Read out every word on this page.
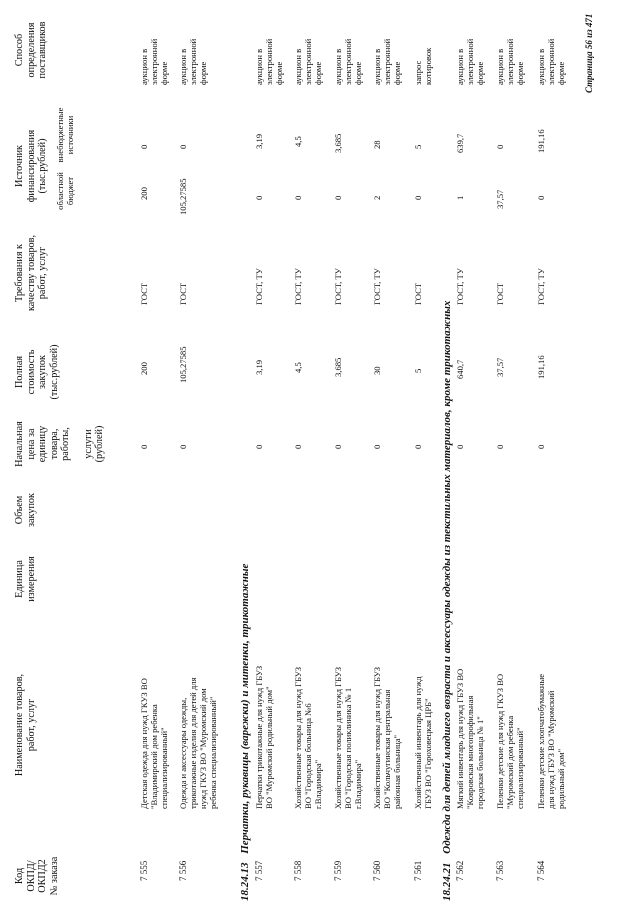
Код ОКПД/ ОКПД2 № заказа
Наименование товаров, работ, услуг
Единица измерения
Объем закупок
Начальная цена за единицу товара, работы, услуги (рублей)
Полная стоимость закупок (тыс.рублей)
Требования к качеству товаров, работ, услуг
Источник финансирования (тыс.рублей) областной бюджет
внебюджетные источники
Способ определения поставщиков
7 555
Детская одежда для нужд ГКУЗ ВО "Владимирский дом ребенка специализированный"
0
200
ГОСТ
200
0
аукцион в электронной форме
7 556
Одежда и аксессуары одежды, трикотажные изделия для детей для нужд ГКУЗ ВО "Муромский дом ребенка специализированный"
0
105,27585
ГОСТ
105,27585
0
аукцион в электронной форме
18.24.13 Перчатки, рукавицы (варежки) и митенки, трикотажные
7 557
Перчатки трикотажные для нужд ГБУЗ ВО "Муромский родильный дом"
0
3,19
ГОСТ, ТУ
0
3,19
аукцион в электронной форме
7 558
Хозяйственные товары для нужд ГБУЗ ВО "Городская больница №6 г.Владимира"
0
4,5
ГОСТ, ТУ
0
4,5
аукцион в электронной форме
7 559
Хозяйственные товары для нужд ГБУЗ ВО "Городская поликлиника № 1 г.Владимира"
0
3,685
ГОСТ, ТУ
0
3,685
аукцион в электронной форме
7 560
Хозяйственные товары для нужд ГБУЗ ВО "Кольчугинская центральная районная больница"
0
30
ГОСТ, ТУ
2
28
аукцион в электронной форме
7 561
Хозяйственный инвентарь для нужд ГБУЗ ВО "Гороховецкая ЦРБ"
0
5
ГОСТ
0
5
запрос котировок
18.24.21 Одежда для детей младшего возраста и аксессуары одежды из текстильных материалов, кроме трикотажных
7 562
Мягкий инвентарь для нужд ГБУЗ ВО "Ковровская многопрофильная городская больница № 1"
0
640,7
ГОСТ, ТУ
1
639,7
аукцион в электронной форме
7 563
Пеленки детские для нужд ГКУЗ ВО "Муромский дом ребенка специализированный"
0
37,57
ГОСТ
37,57
0
аукцион в электронной форме
7 564
Пеленки детские хлопчатобумажные для нужд ГБУЗ ВО "Муромский родильный дом"
0
191,16
ГОСТ, ТУ
0
191,16
аукцион в электронной форме Страница 56 из 471
